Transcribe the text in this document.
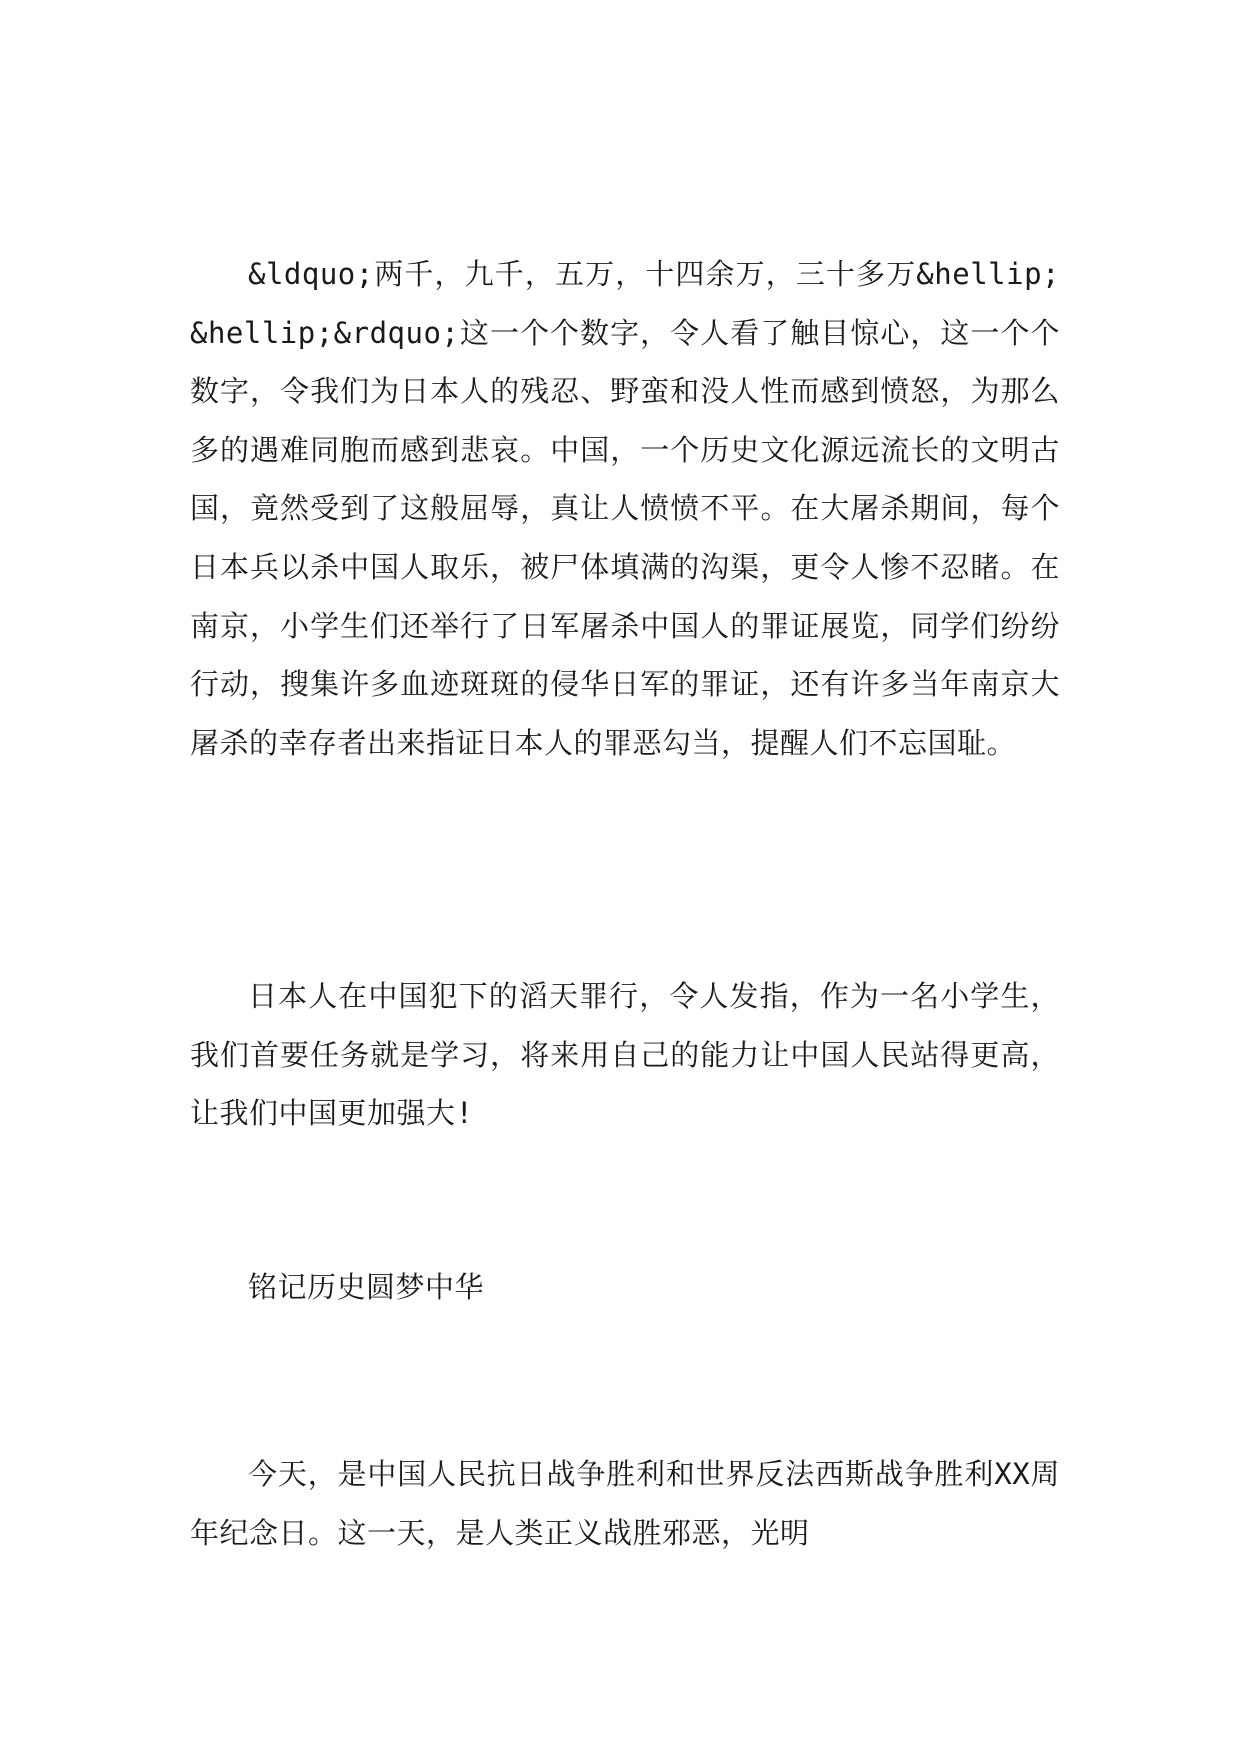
&ldquo;两千，九千，五万，十四余万，三十多万&hellip;&hellip;&rdquo;这一个个数字，令人看了触目惊心，这一个个数字，令我们为日本人的残忍、野蛮和没人性而感到愤怒，为那么多的遇难同胞而感到悲哀。中国，一个历史文化源远流长的文明古国，竟然受到了这般屈辱，真让人愤愤不平。在大屠杀期间，每个日本兵以杀中国人取乐，被尸体填满的沟渠，更令人惨不忍睹。在南京，小学生们还举行了日军屠杀中国人的罪证展览，同学们纷纷行动，搜集许多血迹斑斑的侵华日军的罪证，还有许多当年南京大屠杀的幸存者出来指证日本人的罪恶勾当，提醒人们不忘国耻。

日本人在中国犯下的滔天罪行，令人发指，作为一名小学生，我们首要任务就是学习，将来用自己的能力让中国人民站得更高，让我们中国更加强大!

铭记历史圆梦中华

今天，是中国人民抗日战争胜利和世界反法西斯战争胜利XX周年纪念日。这一天，是人类正义战胜邪恶，光明
